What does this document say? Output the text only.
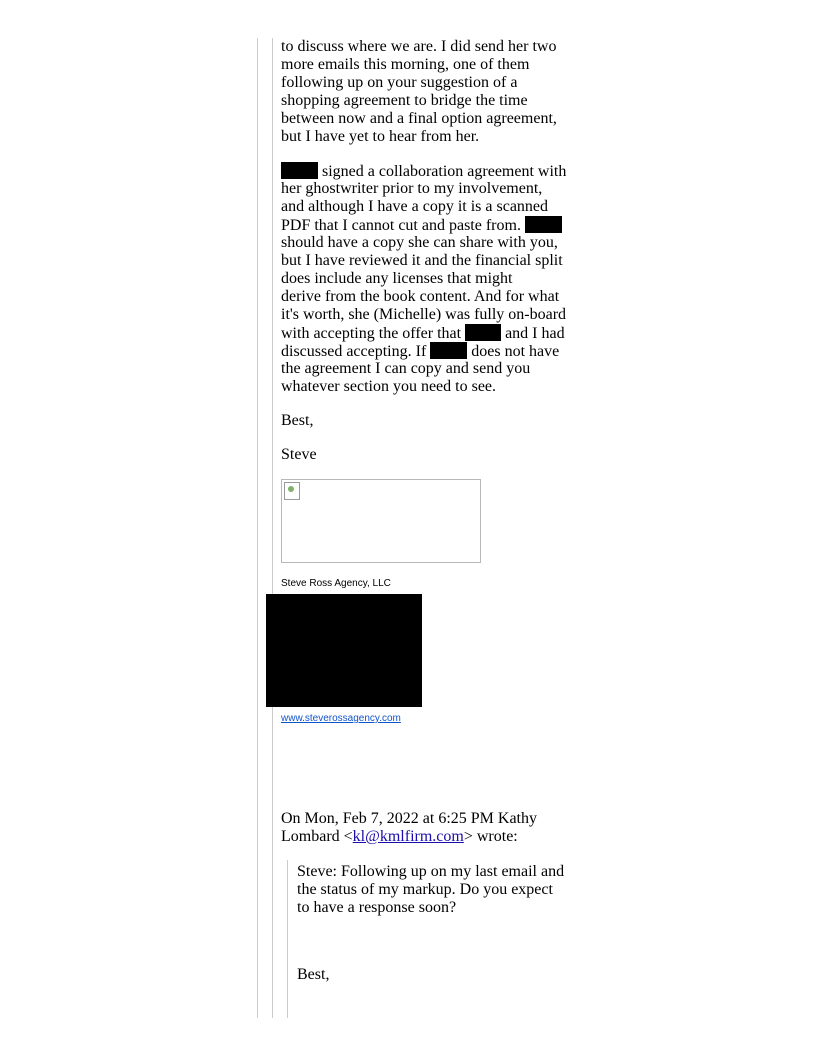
to discuss where we are. I did send her two

more emails this morning, one of them

following up on your suggestion of a

shopping agreement to bridge the time

between now and a final option agreement,

but I have yet to hear from her.

signed a collaboration agreement with

her ghostwriter prior to my involvement,

and although I have a copy it is a scanned

PDF that I cannot cut and paste from.

should have a copy she can share with you,

but I have reviewed it and the financial split

does include any licenses that might

derive from the book content. And for what

it's worth, she (Michelle) was fully on-board

with accepting the offer that  and I had

discussed accepting. If  does not have

the agreement I can copy and send you

whatever section you need to see.

Best,

Steve

Steve Ross Agency, LLC
www.steverossagency.com

On Mon, Feb 7, 2022 at 6:25 PM Kathy

Lombard <kl@kmlfirm.com> wrote:

Steve: Following up on my last email and

the status of my markup. Do you expect

to have a response soon?

Best,
